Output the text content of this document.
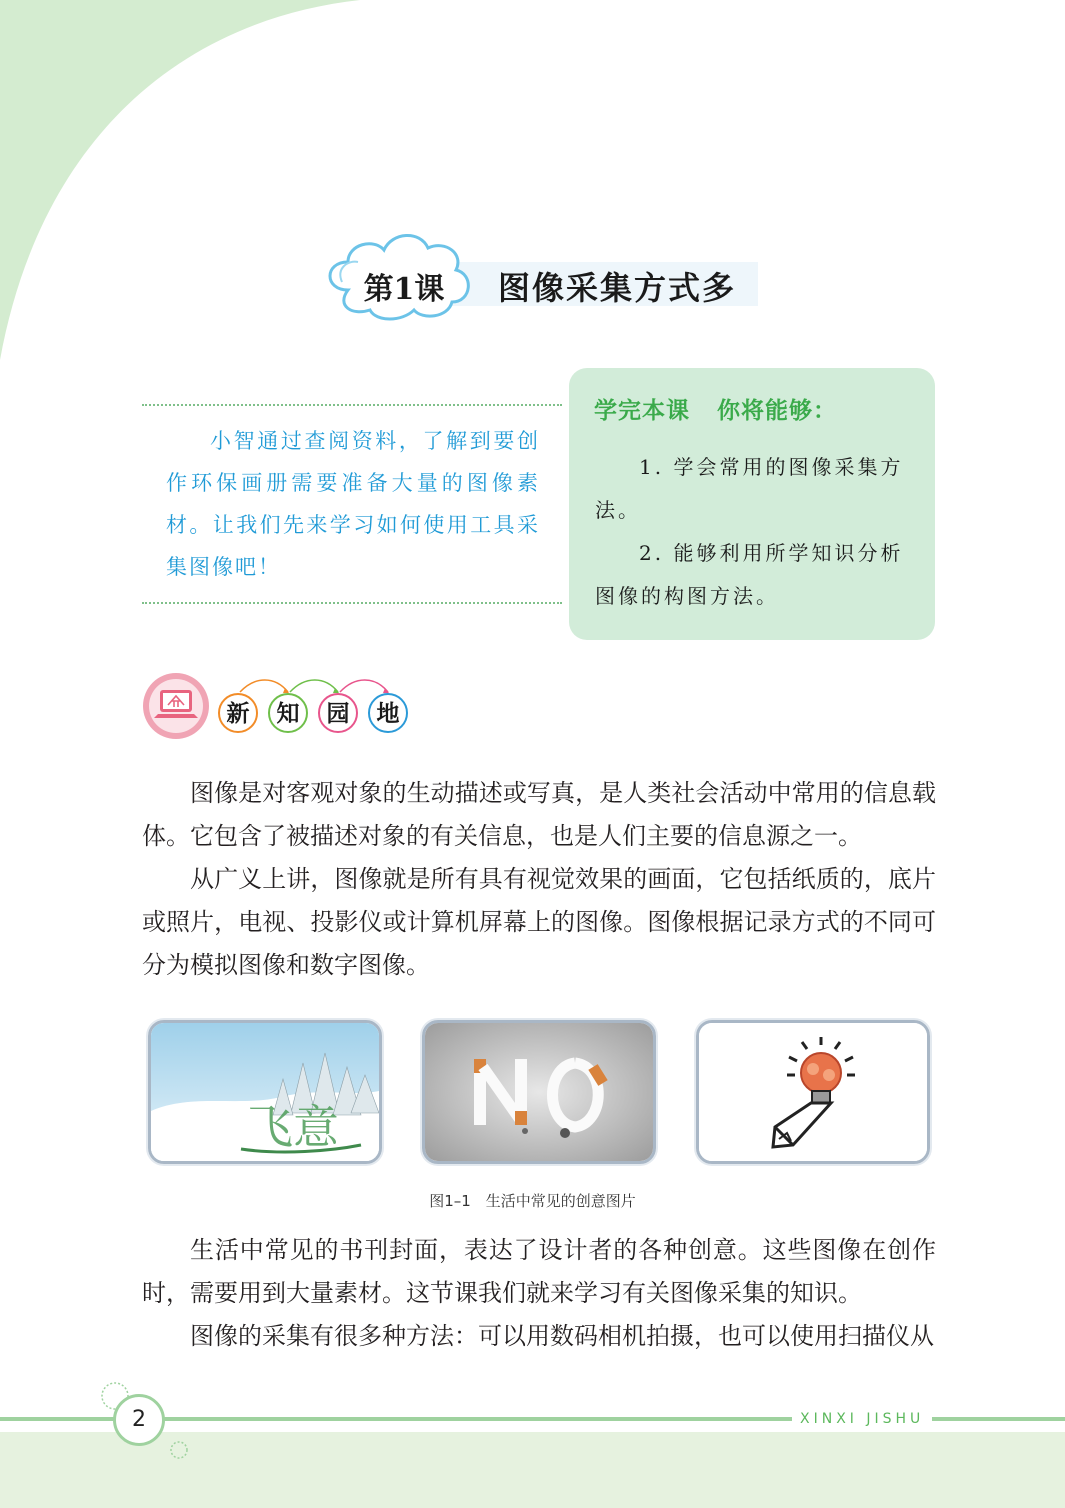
第1课 图像采集方式多
小智通过查阅资料，了解到要创作环保画册需要准备大量的图像素材。让我们先来学习如何使用工具采集图像吧！
学完本课 你将能够：

1. 学会常用的图像采集方法。

2. 能够利用所学知识分析图像的构图方法。

新	知	园	地

图像是对客观对象的生动描述或写真，是人类社会活动中常用的信息载体。它包含了被描述对象的有关信息，也是人们主要的信息源之一。

从广义上讲，图像就是所有具有视觉效果的画面，它包括纸质的，底片或照片，电视、投影仪或计算机屏幕上的图像。图像根据记录方式的不同可分为模拟图像和数字图像。

飞意
图1–1　生活中常见的创意图片

生活中常见的书刊封面，表达了设计者的各种创意。这些图像在创作时，需要用到大量素材。这节课我们就来学习有关图像采集的知识。

图像的采集有很多种方法：可以用数码相机拍摄，也可以使用扫描仪从

2	XINXI JISHU
